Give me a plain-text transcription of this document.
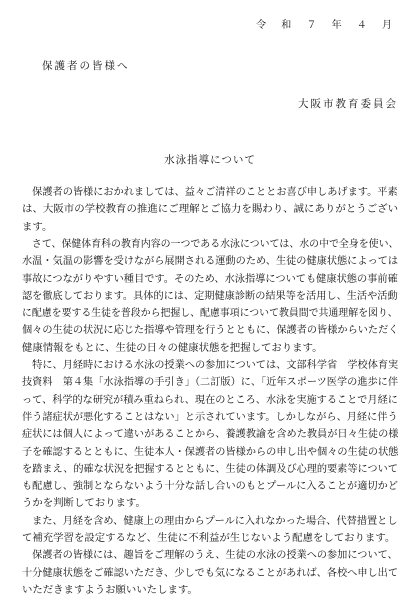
令 和 ７ 年 ４ 月
保護者の皆様へ
大阪市教育委員会
水泳指導について
　保護者の皆様におかれましては、益々ご清祥のこととお喜び申しあげます。平素
は、大阪市の学校教育の推進にご理解とご協力を賜わり、誠にありがとうござい
ます。
　さて、保健体育科の教育内容の一つである水泳については、水の中で全身を使い、
水温・気温の影響を受けながら展開される運動のため、生徒の健康状態によっては
事故につながりやすい種目です。そのため、水泳指導についても健康状態の事前確
認を徹底しております。具体的には、定期健康診断の結果等を活用し、生活や活動
に配慮を要する生徒を普段から把握し、配慮事項について教員間で共通理解を図り、
個々の生徒の状況に応じた指導や管理を行うとともに、保護者の皆様からいただく
健康情報をもとに、生徒の日々の健康状態を把握しております。
　特に、月経時における水泳の授業への参加については、文部科学省　学校体育実
技資料　第４集「水泳指導の手引き」（二訂版）に、「近年スポーツ医学の進歩に伴
って、科学的な研究が積み重ねられ、現在のところ、水泳を実施することで月経に
伴う諸症状が悪化することはない」と示されています。しかしながら、月経に伴う
症状には個人によって違いがあることから、養護教諭を含めた教員が日々生徒の様
子を確認するとともに、生徒本人・保護者の皆様からの申し出や個々の生徒の状態
を踏まえ、的確な状況を把握するとともに、生徒の体調及び心理的要素等について
も配慮し、強制とならないよう十分な話し合いのもとプールに入ることが適切かど
うかを判断しております。
　また、月経を含め、健康上の理由からプールに入れなかった場合、代替措置とし
て補充学習を設定するなど、生徒に不利益が生じないよう配慮をしております。
　保護者の皆様には、趣旨をご理解のうえ、生徒の水泳の授業への参加について、
十分健康状態をご確認いただき、少しでも気になることがあれば、各校へ申し出て
いただきますようお願いいたします。
